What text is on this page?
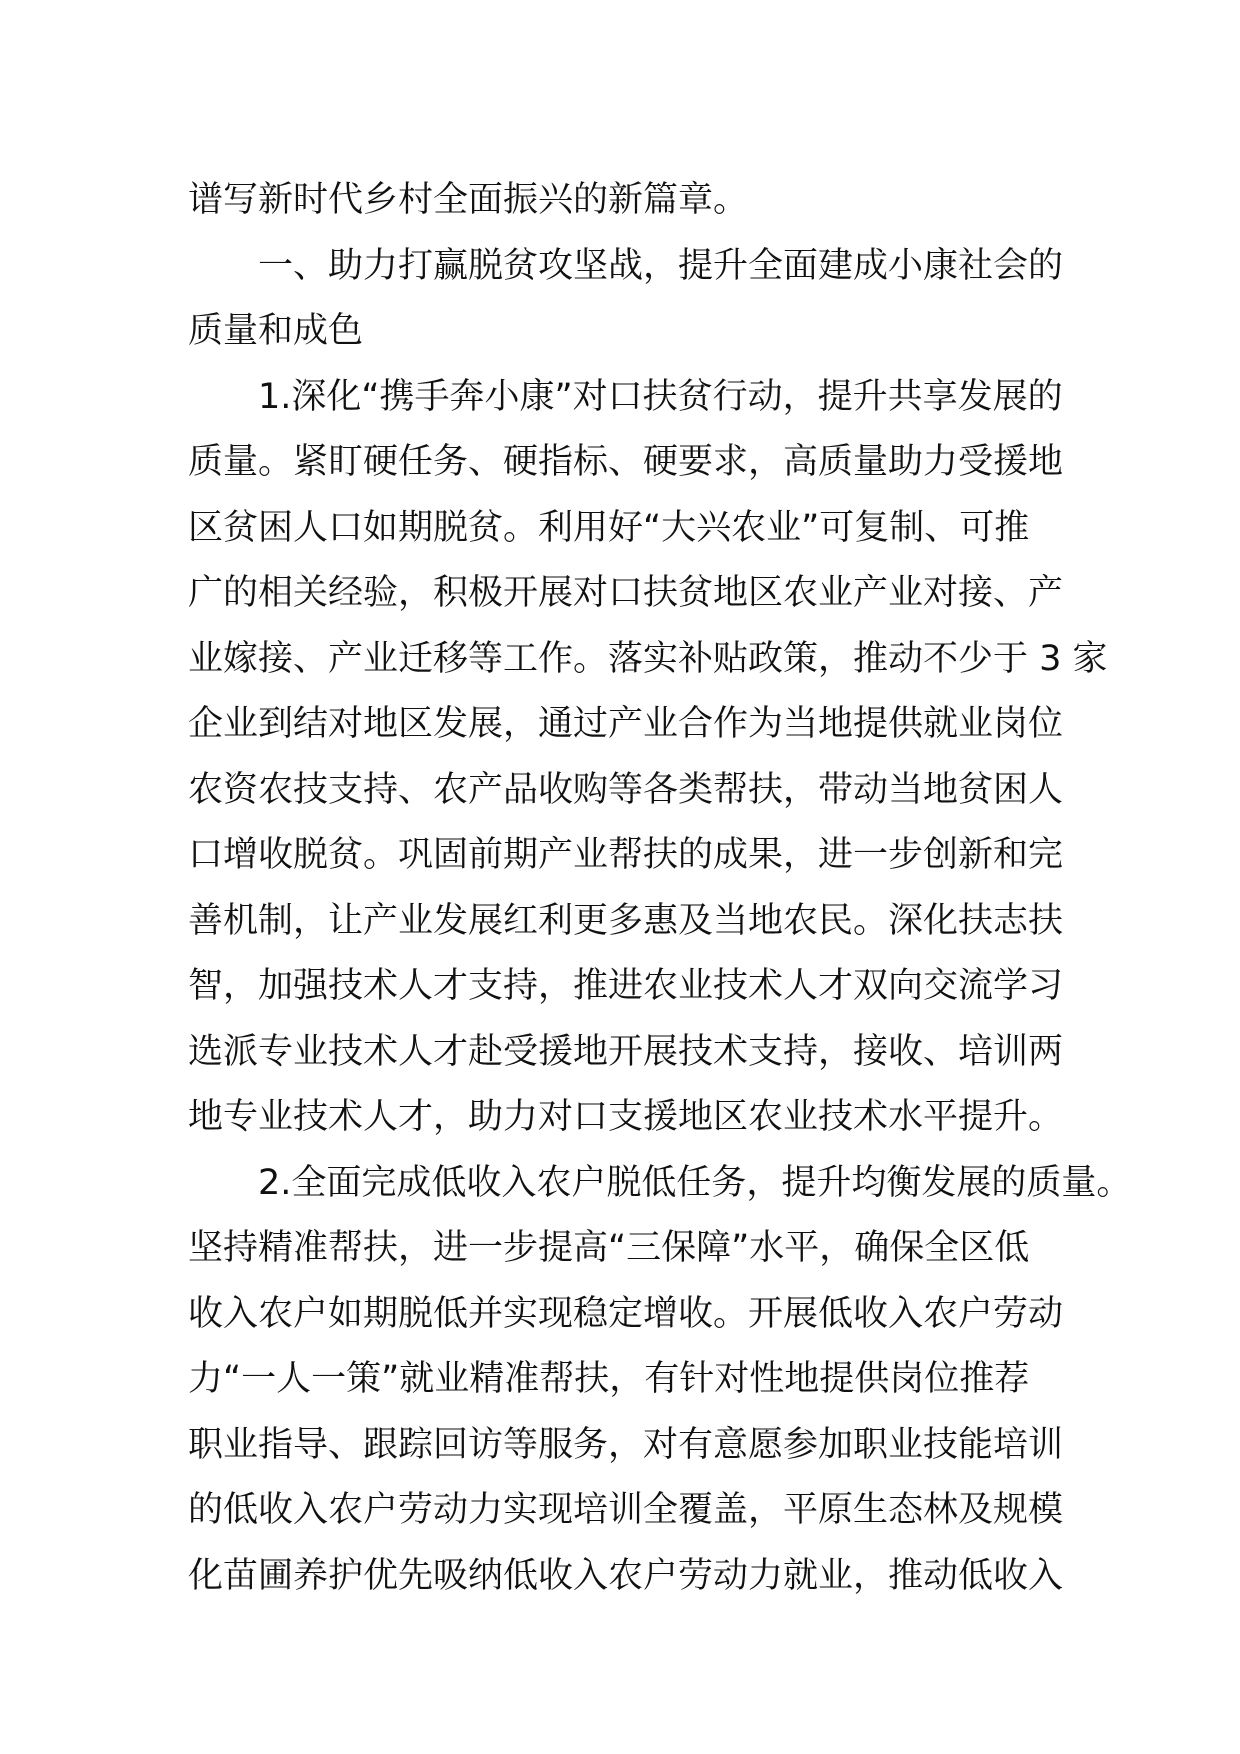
谱写新时代乡村全面振兴的新篇章。
一、助力打赢脱贫攻坚战，提升全面建成小康社会的
质量和成色
1.深化“携手奔小康”对口扶贫行动，提升共享发展的
质量。紧盯硬任务、硬指标、硬要求，高质量助力受援地
区贫困人口如期脱贫。利用好“大兴农业”可复制、可推
广的相关经验，积极开展对口扶贫地区农业产业对接、产
业嫁接、产业迁移等工作。落实补贴政策，推动不少于 3 家
企业到结对地区发展，通过产业合作为当地提供就业岗位
农资农技支持、农产品收购等各类帮扶，带动当地贫困人
口增收脱贫。巩固前期产业帮扶的成果，进一步创新和完
善机制，让产业发展红利更多惠及当地农民。深化扶志扶
智，加强技术人才支持，推进农业技术人才双向交流学习
选派专业技术人才赴受援地开展技术支持，接收、培训两
地专业技术人才，助力对口支援地区农业技术水平提升。
2.全面完成低收入农户脱低任务，提升均衡发展的质量。
坚持精准帮扶，进一步提高“三保障”水平，确保全区低
收入农户如期脱低并实现稳定增收。开展低收入农户劳动
力“一人一策”就业精准帮扶，有针对性地提供岗位推荐
职业指导、跟踪回访等服务，对有意愿参加职业技能培训
的低收入农户劳动力实现培训全覆盖，平原生态林及规模
化苗圃养护优先吸纳低收入农户劳动力就业，推动低收入
